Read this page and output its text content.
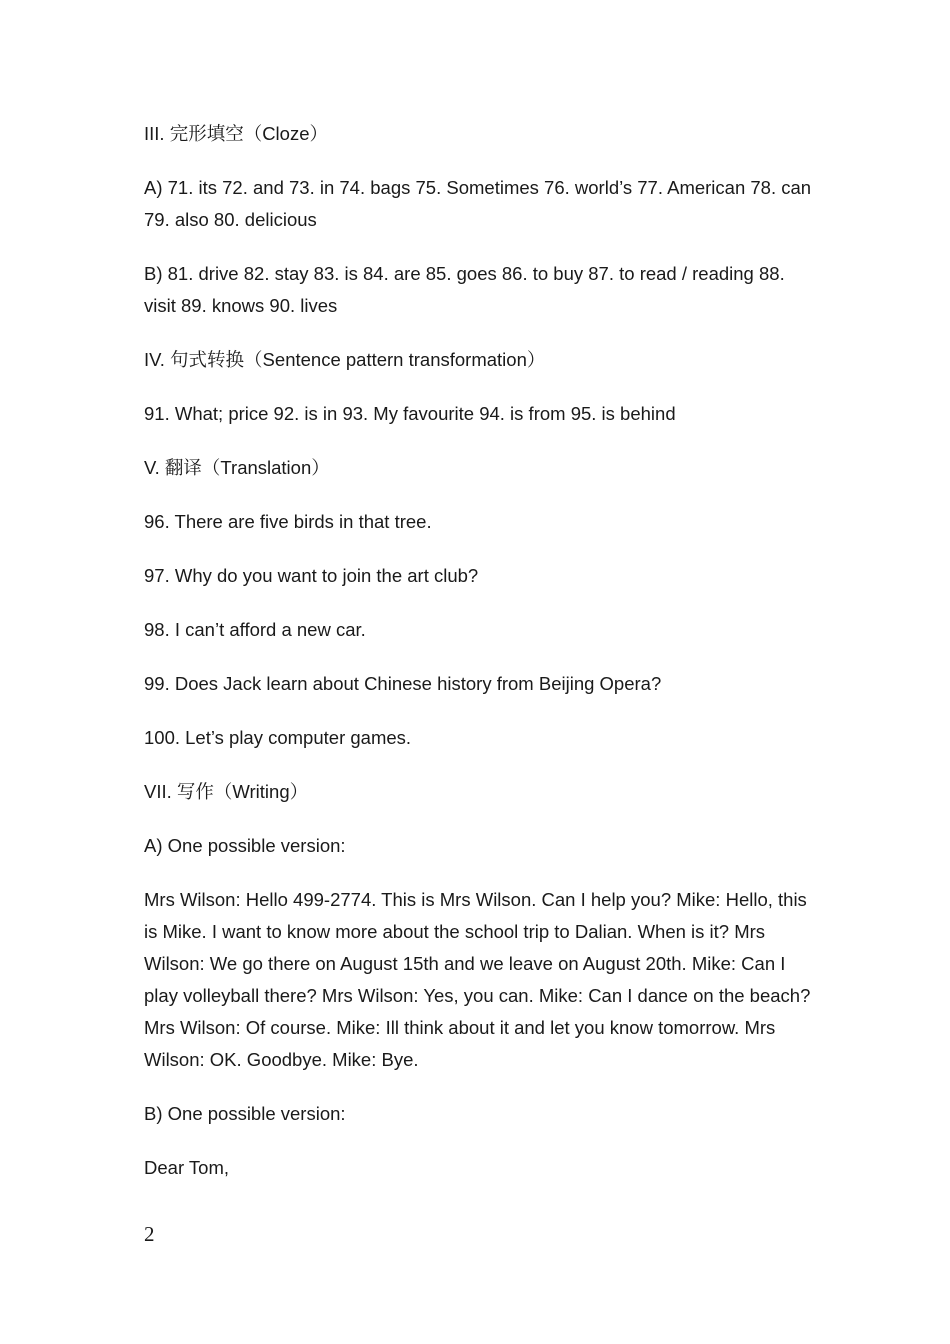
III. 完形填空（Cloze）

A) 71. its 72. and 73. in 74. bags 75. Sometimes 76. world’s 77. American 78. can 79. also 80. delicious

B) 81. drive 82. stay 83. is 84. are 85. goes 86. to buy 87. to read / reading 88. visit 89. knows 90. lives

IV. 句式转换（Sentence pattern transformation）

91. What; price 92. is in 93. My favourite 94. is from 95. is behind

V. 翻译（Translation）

96. There are five birds in that tree.

97. Why do you want to join the art club?

98. I can’t afford a new car.

99. Does Jack learn about Chinese history from Beijing Opera?

100. Let’s play computer games.

VII. 写作（Writing）

A) One possible version:

Mrs Wilson: Hello 499-2774. This is Mrs Wilson. Can I help you? Mike: Hello, this is Mike. I want to know more about the school trip to Dalian. When is it? Mrs Wilson: We go there on August 15th and we leave on August 20th. Mike: Can I play volleyball there? Mrs Wilson: Yes, you can. Mike: Can I dance on the beach? Mrs Wilson: Of course. Mike: Ill think about it and let you know tomorrow. Mrs Wilson: OK. Goodbye. Mike: Bye.

B) One possible version:

Dear Tom,

2
